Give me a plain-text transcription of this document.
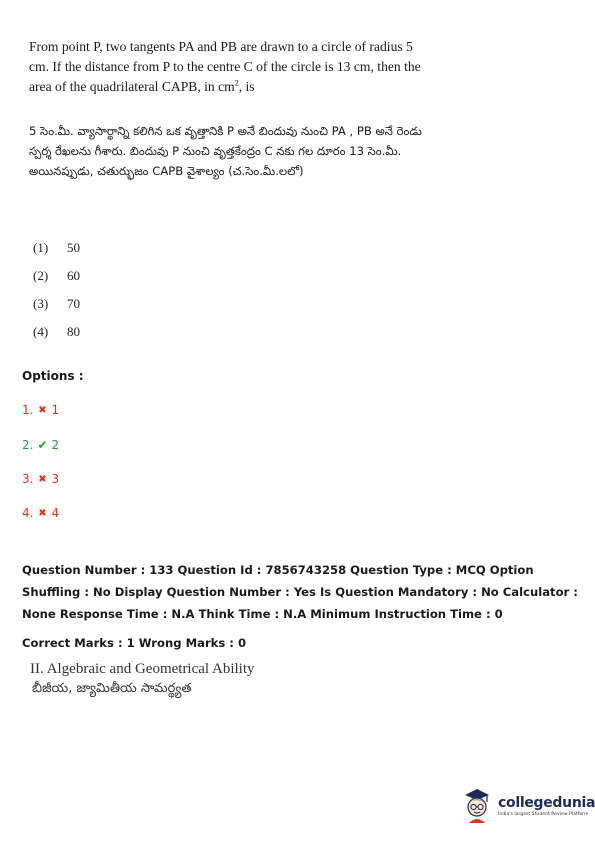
From point P, two tangents PA and PB are drawn to a circle of radius 5 cm. If the distance from P to the centre C of the circle is 13 cm, then the area of the quadrilateral CAPB, in $cm^2$, is
5 సెం.మీ. వ్యాసార్థాన్ని కలిగిన ఒక వృత్తానికి P అనే బిందువు నుంచి PA , PB అనే రెండు స్పర్శ రేఖలను గీశారు. బిందువు P నుంచి వృత్తకేంద్రం C నకు గల దూరం 13 సెం.మీ. అయినప్పుడు, చతుర్భుజం CAPB వైశాల్యం (చ.సెం.మీ.లలో)
(1)	50
(2)	60
(3)	70
(4)	80
Options :
1. ✖ 1
2. ✔ 2
3. ✖ 3
4. ✖ 4
Question Number : 133 Question Id : 7856743258 Question Type : MCQ Option Shuffling : No Display Question Number : Yes Is Question Mandatory : No Calculator : None Response Time : N.A Think Time : N.A Minimum Instruction Time : 0
Correct Marks : 1 Wrong Marks : 0
II. Algebraic and Geometrical Ability
బీజీయ, జ్యామితీయ సామర్థ్యత
collegedunia
India's largest Student Review Platform
